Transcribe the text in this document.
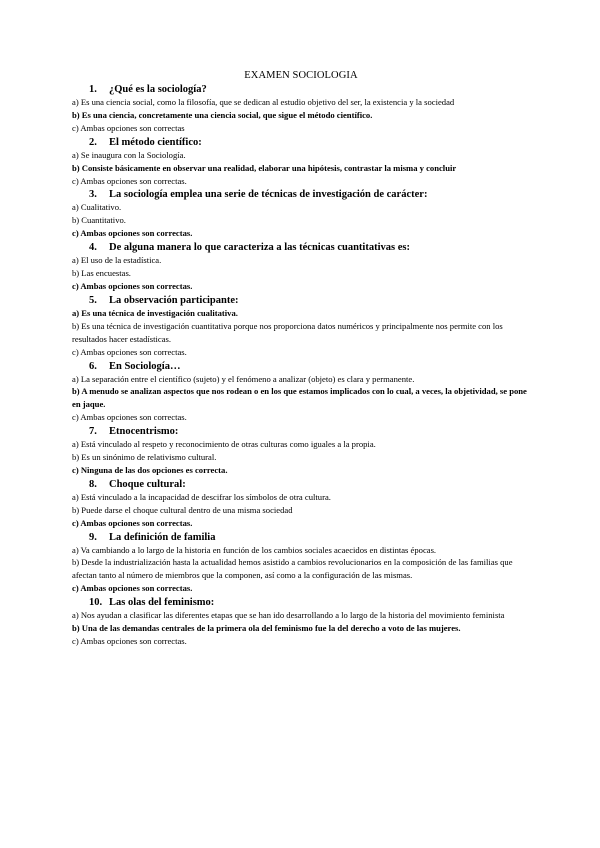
EXAMEN SOCIOLOGIA
1. ¿Qué es la sociología?

a) Es una ciencia social, como la filosofía, que se dedican al estudio objetivo del ser, la existencia y la sociedad

b) Es una ciencia, concretamente una ciencia social, que sigue el método científico.

c) Ambas opciones son correctas

2. El método científico:

a) Se inaugura con la Sociología.

b) Consiste básicamente en observar una realidad, elaborar una hipótesis, contrastar la misma y concluir

c) Ambas opciones son correctas.

3. La sociología emplea una serie de técnicas de investigación de carácter:

a) Cualitativo.

b) Cuantitativo.

c) Ambas opciones son correctas.

4. De alguna manera lo que caracteriza a las técnicas cuantitativas es:

a) El uso de la estadística.

b) Las encuestas.

c) Ambas opciones son correctas.

5. La observación participante:

a) Es una técnica de investigación cualitativa.

b) Es una técnica de investigación cuantitativa porque nos proporciona datos numéricos y principalmente nos permite con los resultados hacer estadísticas.

c) Ambas opciones son correctas.

6. En Sociología…

a) La separación entre el científico (sujeto) y el fenómeno a analizar (objeto) es clara y permanente.

b) A menudo se analizan aspectos que nos rodean o en los que estamos implicados con lo cual, a veces, la objetividad, se pone en jaque.

c) Ambas opciones son correctas.

7. Etnocentrismo:

a) Está vinculado al respeto y reconocimiento de otras culturas como iguales a la propia.

b) Es un sinónimo de relativismo cultural.

c) Ninguna de las dos opciones es correcta.

8. Choque cultural:

a) Está vinculado a la incapacidad de descifrar los símbolos de otra cultura.

b) Puede darse el choque cultural dentro de una misma sociedad

c) Ambas opciones son correctas.

9. La definición de familia

a) Va cambiando a lo largo de la historia en función de los cambios sociales acaecidos en distintas épocas.

b) Desde la industrialización hasta la actualidad hemos asistido a cambios revolucionarios en la composición de las familias que afectan tanto al número de miembros que la componen, así como a la configuración de las mismas.

c) Ambas opciones son correctas.

10. Las olas del feminismo:

a) Nos ayudan a clasificar las diferentes etapas que se han ido desarrollando a lo largo de la historia del movimiento feminista

b) Una de las demandas centrales de la primera ola del feminismo fue la del derecho a voto de las mujeres.

c) Ambas opciones son correctas.
